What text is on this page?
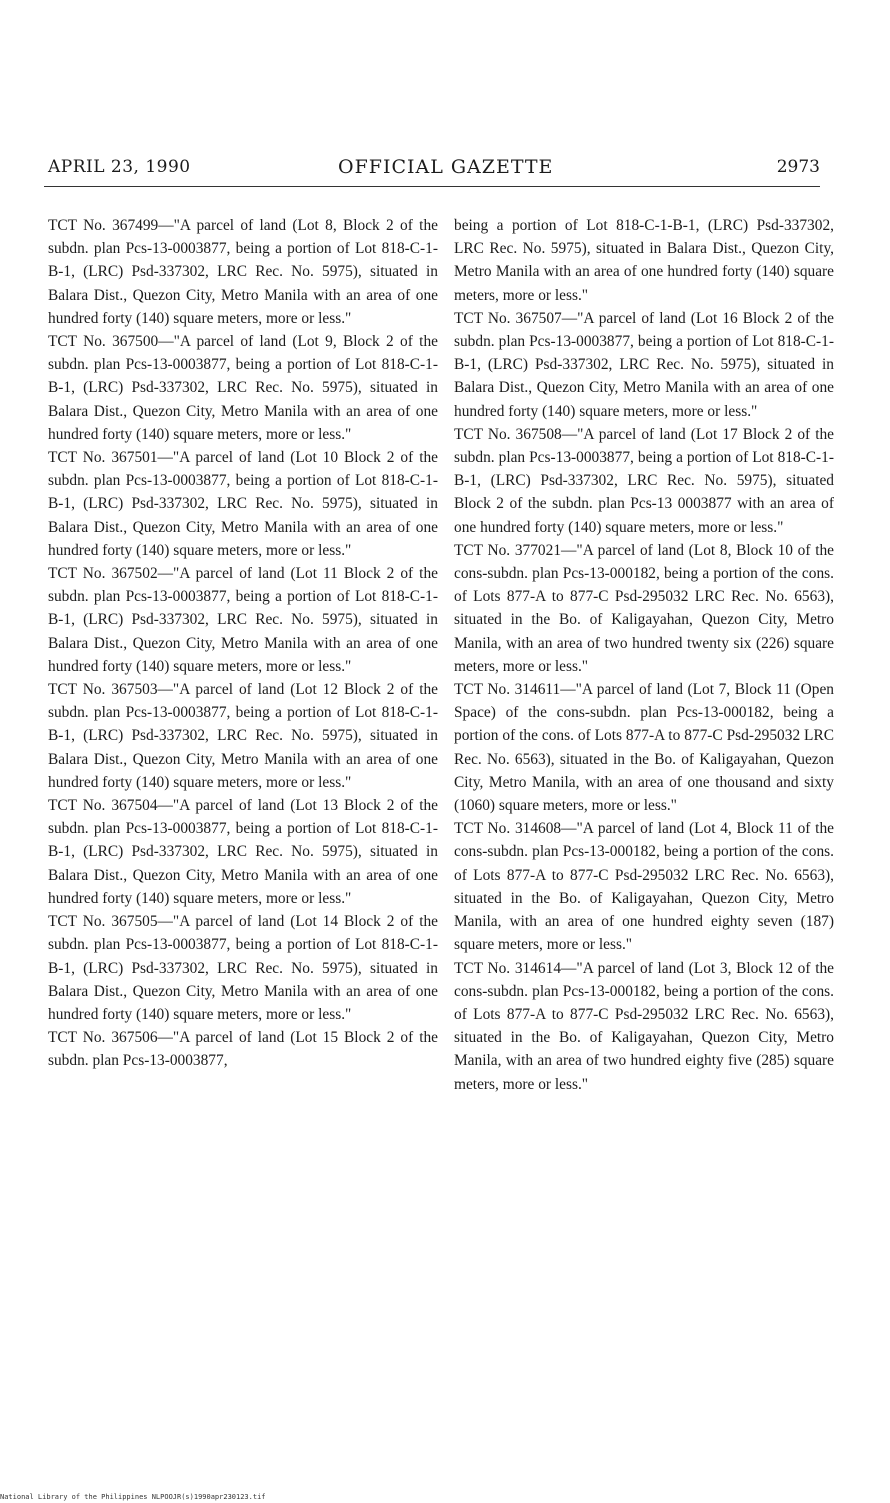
APRIL 23, 1990	OFFICIAL GAZETTE	2973

TCT No. 367499—"A parcel of land (Lot 8, Block 2 of the subdn. plan Pcs-13-0003877, being a portion of Lot 818-C-1-B-1, (LRC) Psd-337302, LRC Rec. No. 5975), situated in Balara Dist., Quezon City, Metro Manila with an area of one hundred forty (140) square meters, more or less."

TCT No. 367500—"A parcel of land (Lot 9, Block 2 of the subdn. plan Pcs-13-0003877, being a portion of Lot 818-C-1-B-1, (LRC) Psd-337302, LRC Rec. No. 5975), situated in Balara Dist., Quezon City, Metro Manila with an area of one hundred forty (140) square meters, more or less."

TCT No. 367501—"A parcel of land (Lot 10 Block 2 of the subdn. plan Pcs-13-0003877, being a portion of Lot 818-C-1-B-1, (LRC) Psd-337302, LRC Rec. No. 5975), situated in Balara Dist., Quezon City, Metro Manila with an area of one hundred forty (140) square meters, more or less."

TCT No. 367502—"A parcel of land (Lot 11 Block 2 of the subdn. plan Pcs-13-0003877, being a portion of Lot 818-C-1-B-1, (LRC) Psd-337302, LRC Rec. No. 5975), situated in Balara Dist., Quezon City, Metro Manila with an area of one hundred forty (140) square meters, more or less."

TCT No. 367503—"A parcel of land (Lot 12 Block 2 of the subdn. plan Pcs-13-0003877, being a portion of Lot 818-C-1-B-1, (LRC) Psd-337302, LRC Rec. No. 5975), situated in Balara Dist., Quezon City, Metro Manila with an area of one hundred forty (140) square meters, more or less."

TCT No. 367504—"A parcel of land (Lot 13 Block 2 of the subdn. plan Pcs-13-0003877, being a portion of Lot 818-C-1-B-1, (LRC) Psd-337302, LRC Rec. No. 5975), situated in Balara Dist., Quezon City, Metro Manila with an area of one hundred forty (140) square meters, more or less."

TCT No. 367505—"A parcel of land (Lot 14 Block 2 of the subdn. plan Pcs-13-0003877, being a portion of Lot 818-C-1-B-1, (LRC) Psd-337302, LRC Rec. No. 5975), situated in Balara Dist., Quezon City, Metro Manila with an area of one hundred forty (140) square meters, more or less."

TCT No. 367506—"A parcel of land (Lot 15 Block 2 of the subdn. plan Pcs-13-0003877,

being a portion of Lot 818-C-1-B-1, (LRC) Psd-337302, LRC Rec. No. 5975), situated in Balara Dist., Quezon City, Metro Manila with an area of one hundred forty (140) square meters, more or less."

TCT No. 367507—"A parcel of land (Lot 16 Block 2 of the subdn. plan Pcs-13-0003877, being a portion of Lot 818-C-1-B-1, (LRC) Psd-337302, LRC Rec. No. 5975), situated in Balara Dist., Quezon City, Metro Manila with an area of one hundred forty (140) square meters, more or less."

TCT No. 367508—"A parcel of land (Lot 17 Block 2 of the subdn. plan Pcs-13-0003877, being a portion of Lot 818-C-1-B-1, (LRC) Psd-337302, LRC Rec. No. 5975), situated Block 2 of the subdn. plan Pcs-13 0003877 with an area of one hundred forty (140) square meters, more or less."

TCT No. 377021—"A parcel of land (Lot 8, Block 10 of the cons-subdn. plan Pcs-13-000182, being a portion of the cons. of Lots 877-A to 877-C Psd-295032 LRC Rec. No. 6563), situated in the Bo. of Kaligayahan, Quezon City, Metro Manila, with an area of two hundred twenty six (226) square meters, more or less."

TCT No. 314611—"A parcel of land (Lot 7, Block 11 (Open Space) of the cons-subdn. plan Pcs-13-000182, being a portion of the cons. of Lots 877-A to 877-C Psd-295032 LRC Rec. No. 6563), situated in the Bo. of Kaligayahan, Quezon City, Metro Manila, with an area of one thousand and sixty (1060) square meters, more or less."

TCT No. 314608—"A parcel of land (Lot 4, Block 11 of the cons-subdn. plan Pcs-13-000182, being a portion of the cons. of Lots 877-A to 877-C Psd-295032 LRC Rec. No. 6563), situated in the Bo. of Kaligayahan, Quezon City, Metro Manila, with an area of one hundred eighty seven (187) square meters, more or less."

TCT No. 314614—"A parcel of land (Lot 3, Block 12 of the cons-subdn. plan Pcs-13-000182, being a portion of the cons. of Lots 877-A to 877-C Psd-295032 LRC Rec. No. 6563), situated in the Bo. of Kaligayahan, Quezon City, Metro Manila, with an area of two hundred eighty five (285) square meters, more or less."

National Library of the Philippines NLPOOJR(s)1990apr230123.tif
